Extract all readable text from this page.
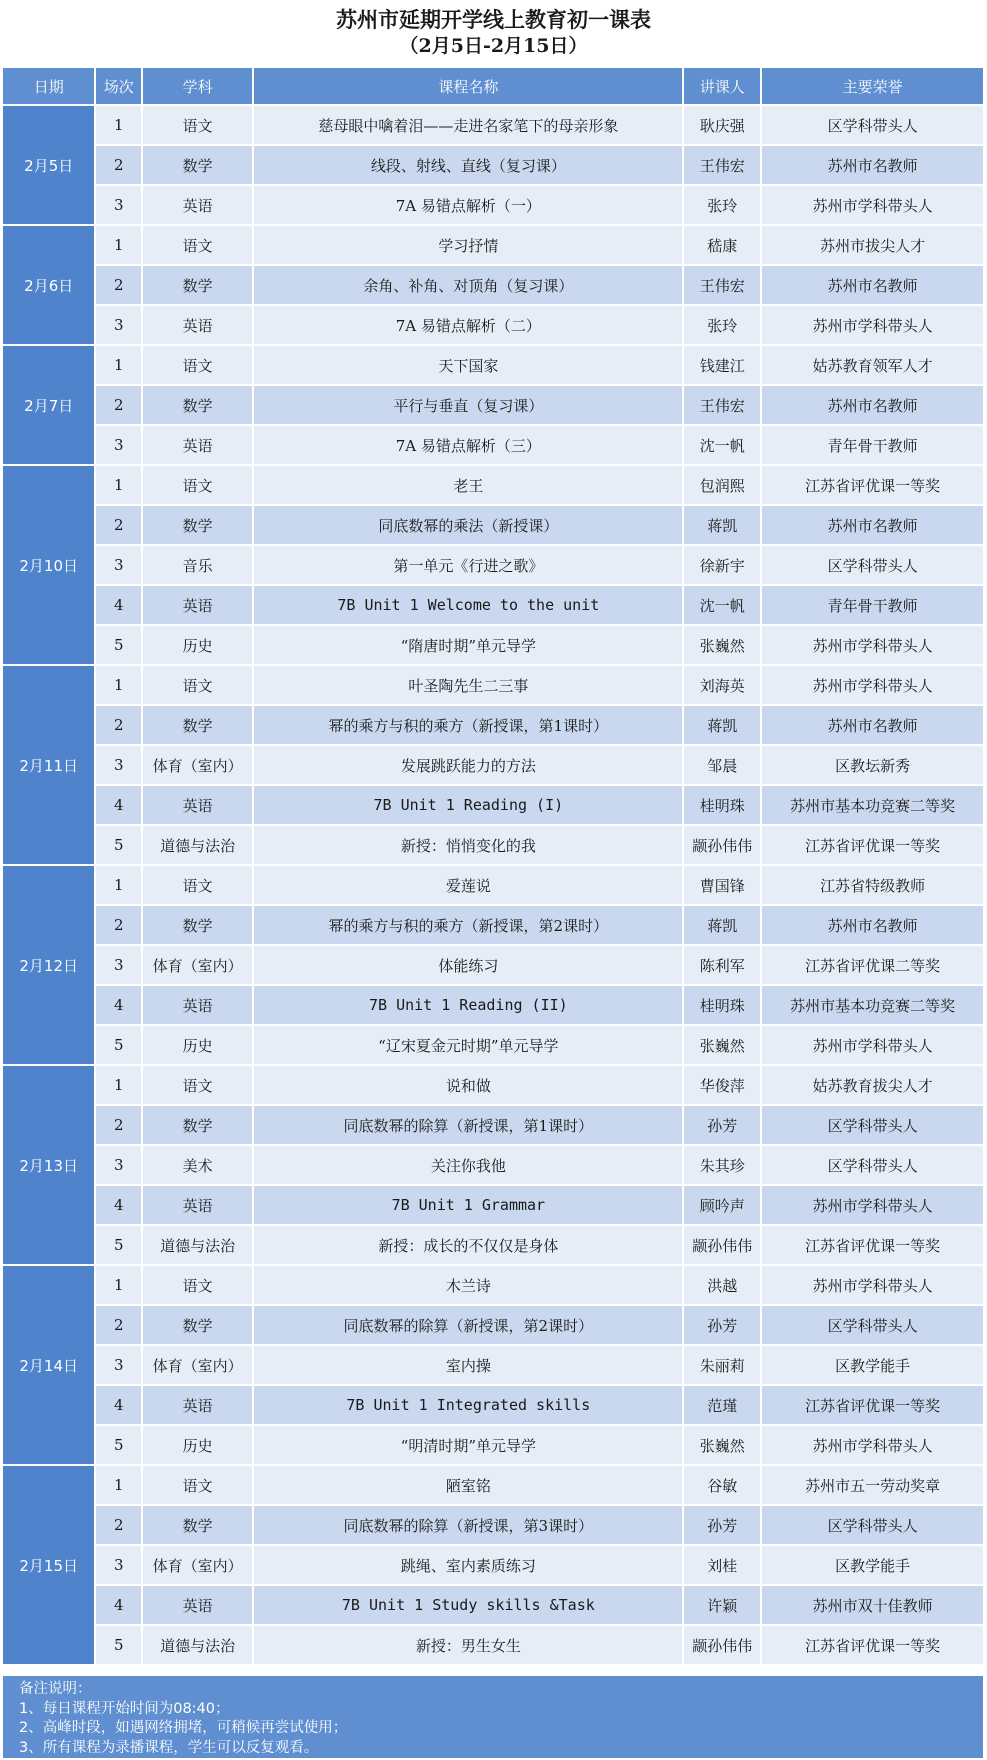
苏州市延期开学线上教育初一课表
（2月5日-2月15日）
日期	场次	学科	课程名称	讲课人	主要荣誉
2月5日	1	语文	慈母眼中噙着泪——走进名家笔下的母亲形象	耿庆强	区学科带头人
	2	数学	线段、射线、直线（复习课）	王伟宏	苏州市名教师
	3	英语	7A 易错点解析（一）	张玲	苏州市学科带头人
2月6日	1	语文	学习抒情	嵇康	苏州市拔尖人才
	2	数学	余角、补角、对顶角（复习课）	王伟宏	苏州市名教师
	3	英语	7A 易错点解析（二）	张玲	苏州市学科带头人
2月7日	1	语文	天下国家	钱建江	姑苏教育领军人才
	2	数学	平行与垂直（复习课）	王伟宏	苏州市名教师
	3	英语	7A 易错点解析（三）	沈一帆	青年骨干教师
2月10日	1	语文	老王	包润熙	江苏省评优课一等奖
	2	数学	同底数幂的乘法（新授课）	蒋凯	苏州市名教师
	3	音乐	第一单元《行进之歌》	徐新宇	区学科带头人
	4	英语	7B Unit 1 Welcome to the unit	沈一帆	青年骨干教师
	5	历史	“隋唐时期”单元导学	张巍然	苏州市学科带头人
2月11日	1	语文	叶圣陶先生二三事	刘海英	苏州市学科带头人
	2	数学	幂的乘方与积的乘方（新授课，第1课时）	蒋凯	苏州市名教师
	3	体育（室内）	发展跳跃能力的方法	邹晨	区教坛新秀
	4	英语	7B Unit 1 Reading (I)	桂明珠	苏州市基本功竞赛二等奖
	5	道德与法治	新授：悄悄变化的我	颛孙伟伟	江苏省评优课一等奖
2月12日	1	语文	爱莲说	曹国锋	江苏省特级教师
	2	数学	幂的乘方与积的乘方（新授课，第2课时）	蒋凯	苏州市名教师
	3	体育（室内）	体能练习	陈利军	江苏省评优课二等奖
	4	英语	7B Unit 1 Reading (II)	桂明珠	苏州市基本功竞赛二等奖
	5	历史	“辽宋夏金元时期”单元导学	张巍然	苏州市学科带头人
2月13日	1	语文	说和做	华俊萍	姑苏教育拔尖人才
	2	数学	同底数幂的除算（新授课，第1课时）	孙芳	区学科带头人
	3	美术	关注你我他	朱其珍	区学科带头人
	4	英语	7B Unit 1 Grammar	顾吟声	苏州市学科带头人
	5	道德与法治	新授：成长的不仅仅是身体	颛孙伟伟	江苏省评优课一等奖
2月14日	1	语文	木兰诗	洪越	苏州市学科带头人
	2	数学	同底数幂的除算（新授课，第2课时）	孙芳	区学科带头人
	3	体育（室内）	室内操	朱丽莉	区教学能手
	4	英语	7B Unit 1 Integrated skills	范瑾	江苏省评优课一等奖
	5	历史	“明清时期”单元导学	张巍然	苏州市学科带头人
2月15日	1	语文	陋室铭	谷敏	苏州市五一劳动奖章
	2	数学	同底数幂的除算（新授课，第3课时）	孙芳	区学科带头人
	3	体育（室内）	跳绳、室内素质练习	刘桂	区教学能手
	4	英语	7B Unit 1 Study skills &Task	许颖	苏州市双十佳教师
	5	道德与法治	新授：男生女生	颛孙伟伟	江苏省评优课一等奖
备注说明：
1、每日课程开始时间为08:40；
2、高峰时段，如遇网络拥堵，可稍候再尝试使用；
3、所有课程为录播课程，学生可以反复观看。
